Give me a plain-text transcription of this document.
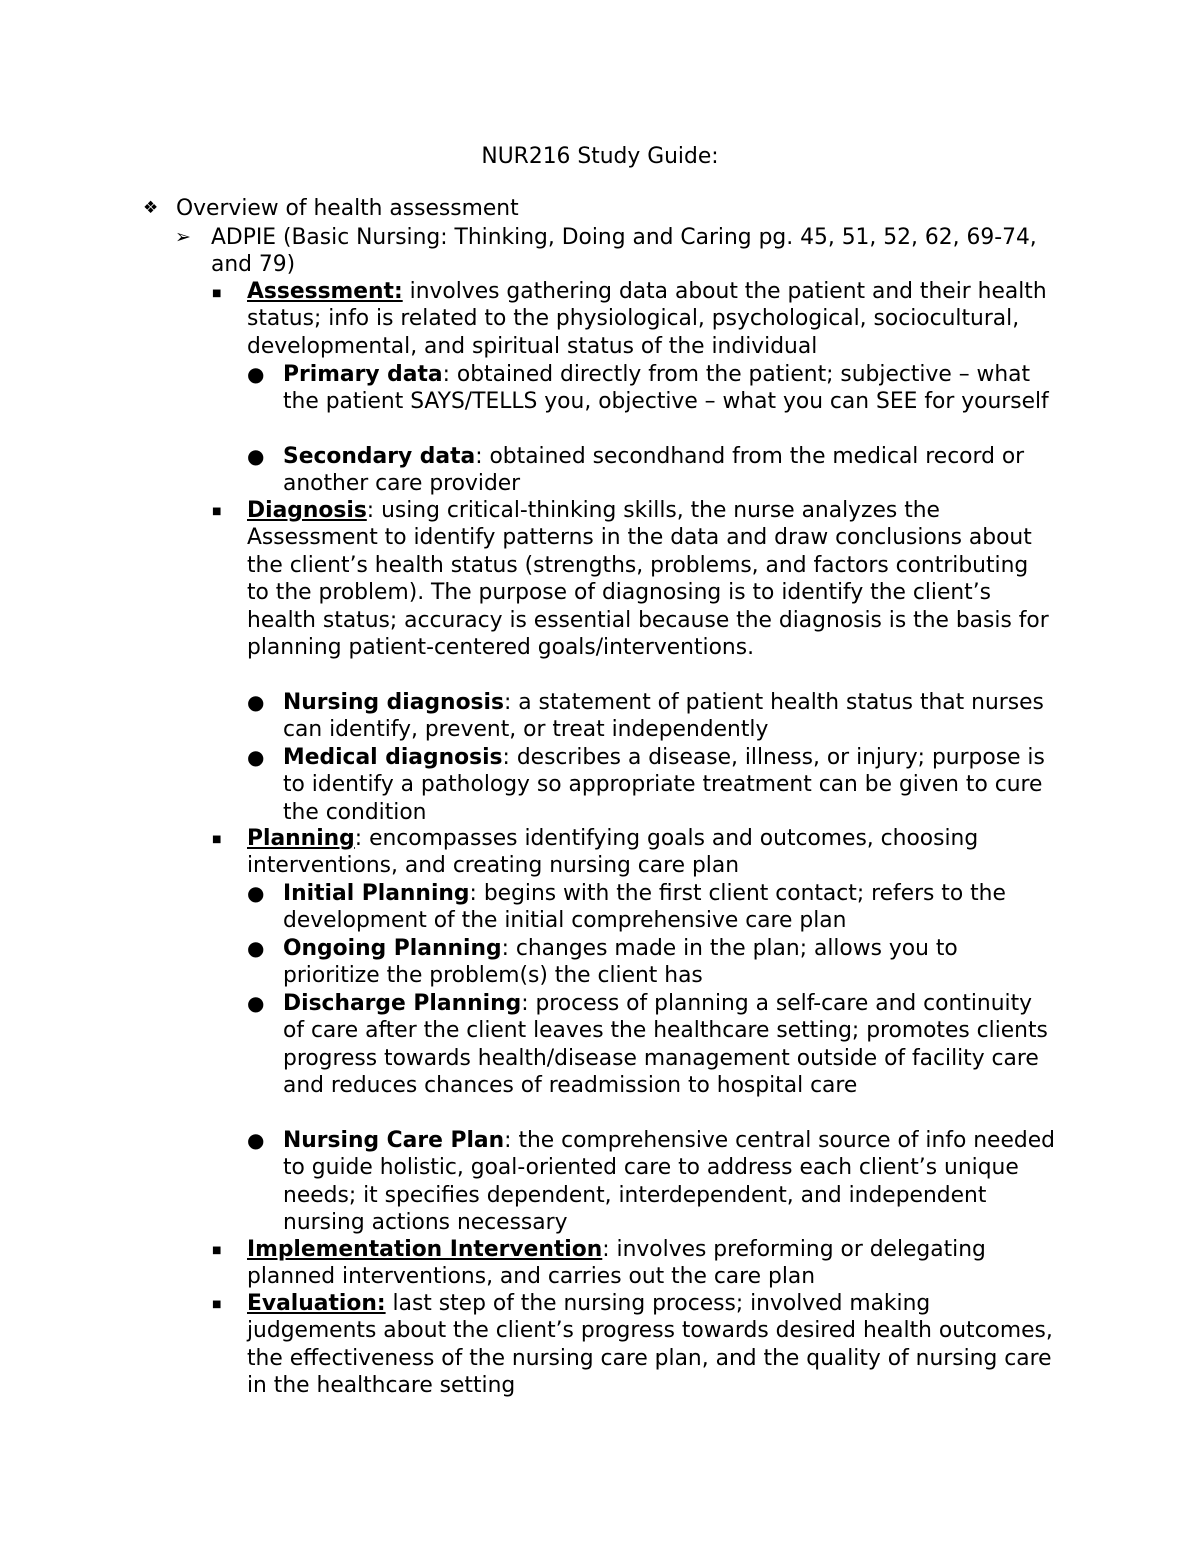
NUR216 Study Guide:
❖ Overview of health assessment
➢ ADPIE (Basic Nursing: Thinking, Doing and Caring pg. 45, 51, 52, 62, 69-74, and 79)
■ Assessment: involves gathering data about the patient and their health status; info is related to the physiological, psychological, sociocultural, developmental, and spiritual status of the individual
● Primary data: obtained directly from the patient; subjective – what the patient SAYS/TELLS you, objective – what you can SEE for yourself
● Secondary data: obtained secondhand from the medical record or another care provider
■ Diagnosis: using critical-thinking skills, the nurse analyzes the Assessment to identify patterns in the data and draw conclusions about the client’s health status (strengths, problems, and factors contributing to the problem). The purpose of diagnosing is to identify the client’s health status; accuracy is essential because the diagnosis is the basis for planning patient-centered goals/interventions.
● Nursing diagnosis: a statement of patient health status that nurses can identify, prevent, or treat independently
● Medical diagnosis: describes a disease, illness, or injury; purpose is to identify a pathology so appropriate treatment can be given to cure the condition
■ Planning: encompasses identifying goals and outcomes, choosing interventions, and creating nursing care plan
● Initial Planning: begins with the first client contact; refers to the development of the initial comprehensive care plan
● Ongoing Planning: changes made in the plan; allows you to prioritize the problem(s) the client has
● Discharge Planning: process of planning a self-care and continuity of care after the client leaves the healthcare setting; promotes clients progress towards health/disease management outside of facility care and reduces chances of readmission to hospital care
● Nursing Care Plan: the comprehensive central source of info needed to guide holistic, goal-oriented care to address each client’s unique needs; it specifies dependent, interdependent, and independent nursing actions necessary
■ Implementation Intervention: involves preforming or delegating planned interventions, and carries out the care plan
■ Evaluation: last step of the nursing process; involved making judgements about the client’s progress towards desired health outcomes, the effectiveness of the nursing care plan, and the quality of nursing care in the healthcare setting
